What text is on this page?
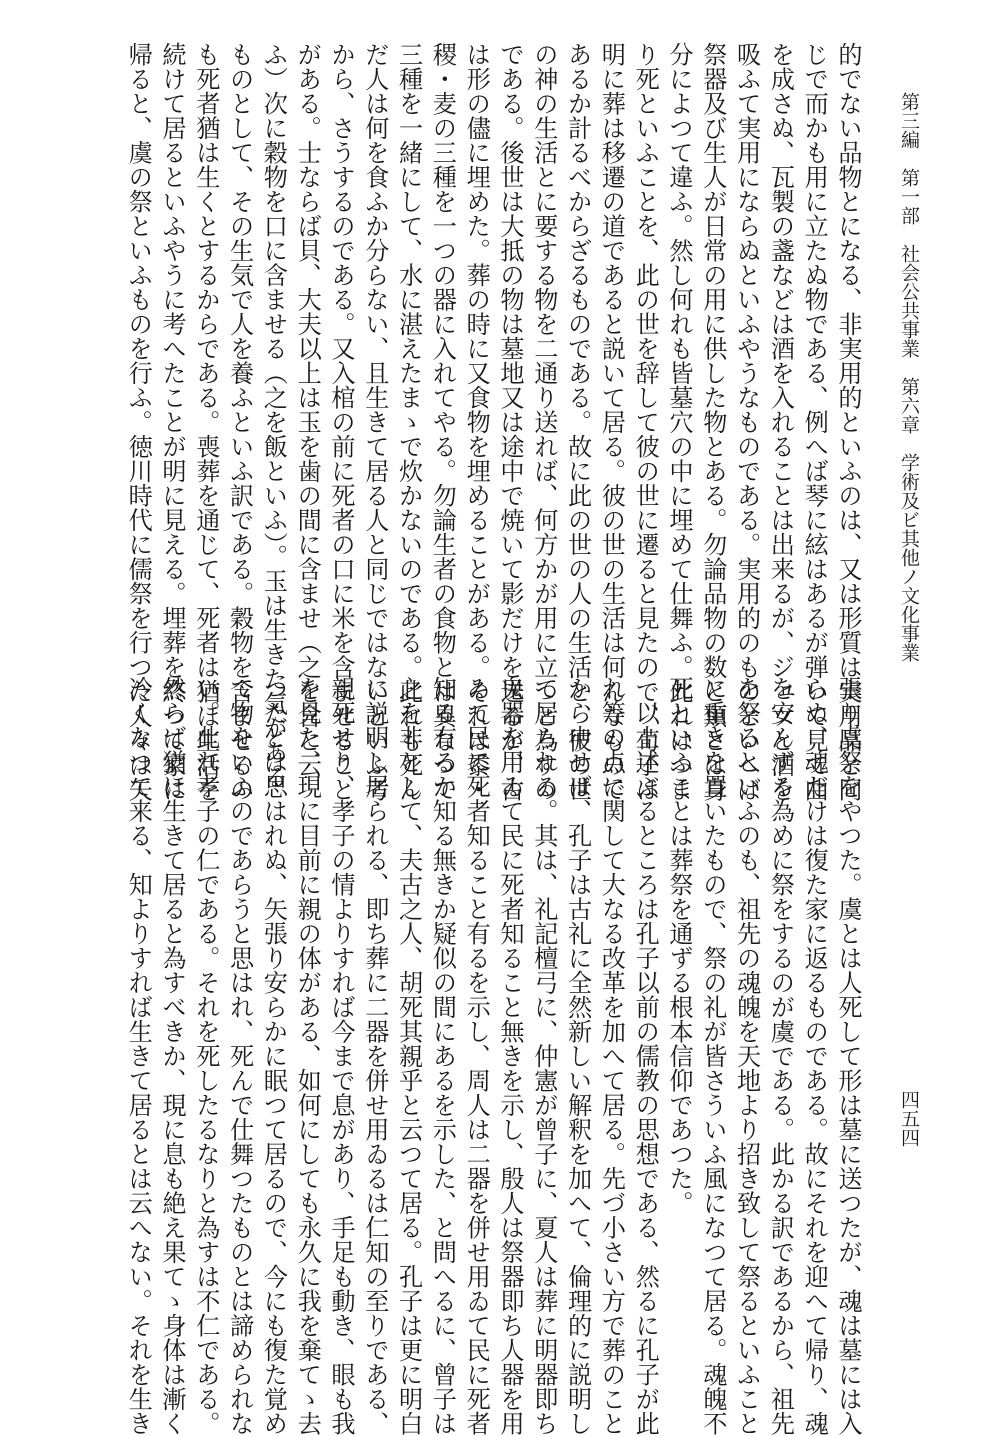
第三編　第一部　社会公共事業　第六章　学術及ビ其他ノ文化事業

四五四

的でない品物とになる、非実用的といふのは、又は形質は実用品と同

じで而かも用に立たぬ物である、例へば琴に絃はあるが弾いて見て曲

を成さぬ、瓦製の盞などは酒を入れることは出来るが、ジュツと酒を

吸ふて実用にならぬといふやうなものである。実用的のものといへば

祭器及び生人が日常の用に供した物とある。勿論品物の数と類とは身

分によつて違ふ。然し何れも皆墓穴の中に埋めて仕舞ふ。此れはつま

り死といふことを、此の世を辞して彼の世に遷ると見たので、荀子は

明に葬は移遷の道であると説いて居る。彼の世の生活は何んなもので

あるか計るべからざるものである。故に此の世の人の生活と、彼の世

の神の生活とに要する物を二通り送れば、何方かが用に立つと為すの

である。後世は大抵の物は墓地又は途中で焼いて影だけを送るが、古

は形の儘に埋めた。葬の時に又食物を埋めることがある。それは黍・

稷・麦の三種を一つの器に入れてやる。勿論生者の食物とは異なつて

三種を一緒にして、水に湛えたまゝで炊かないのである。此れも死ん

だ人は何を食ふか分らない、且生きて居る人と同じではないといふ考

から、さうするのである。又入棺の前に死者の口に米を含ませること

がある。士ならば貝、大夫以上は玉を歯の間に含ませ（之を含と云

ふ）次に穀物を口に含ませる（之を飯といふ）。玉は生きた気がある

ものとして、その生気で人を養ふといふ訳である。穀物を含ませるの

も死者猶は生くとするからである。喪葬を通じて、死者は猶ほ生活を

続けて居るといふやうに考へたことが明に見える。埋葬を終つて家に

帰ると、虞の祭といふものを行ふ。徳川時代に儒祭を行つた人々は矢

張り虞祭をやつた。虞とは人死して形は墓に送つたが、魂は墓には入

らぬ、魂だけは復た家に返るものである。故にそれを迎へて帰り、魂

を安んずる為めに祭をするのが虞である。此かる訳であるから、祖先

を祭るといふのも、祖先の魂魄を天地より招き致して祭るといふこと

に重きを置いたもので、祭の礼が皆さういふ風になつて居る。魂魄不

死といふことは葬祭を通ずる根本信仰であつた。

　以上述ぶるところは孔子以前の儒教の思想である、然るに孔子が此

れ等の点に関して大なる改革を加へて居る。先づ小さい方で葬のこと

から申せば、孔子は古礼に全然新しい解釈を加へて、倫理的に説明し

て居られる。其は、礼記檀弓に、仲憲が曾子に、夏人は葬に明器即ち

鬼器を用ゐて民に死者知ること無きを示し、殷人は祭器即ち人器を用

ゐて民に死者知ること有るを示し、周人は二器を併せ用ゐて民に死者

知る有るか知る無きか疑似の間にあるを示した、と問へるに、曾子は

之を非として、夫古之人、胡死其親乎と云つて居る。孔子は更に明白

に説明し居られる、即ち葬に二器を併せ用ゐるは仁知の至りである、

親死せり、孝子の情よりすれば今まで息があり、手足も動き、眼も我

を見た、現に目前に親の体がある、如何にしても永久に我を棄てゝ去

つたとは思はれぬ、矢張り安らかに眠つて居るので、今にも復た覚め

て物をいふのであらうと思はれ、死んで仕舞つたものとは諦められな

い。此れ孝子の仁である。それを死したるなりと為すは不仁である。

然らば猶ほ生きて居ると為すべきか、現に息も絶え果てゝ身体は漸く

冷くなつて来る、知よりすれば生きて居るとは云へない。それを生き
